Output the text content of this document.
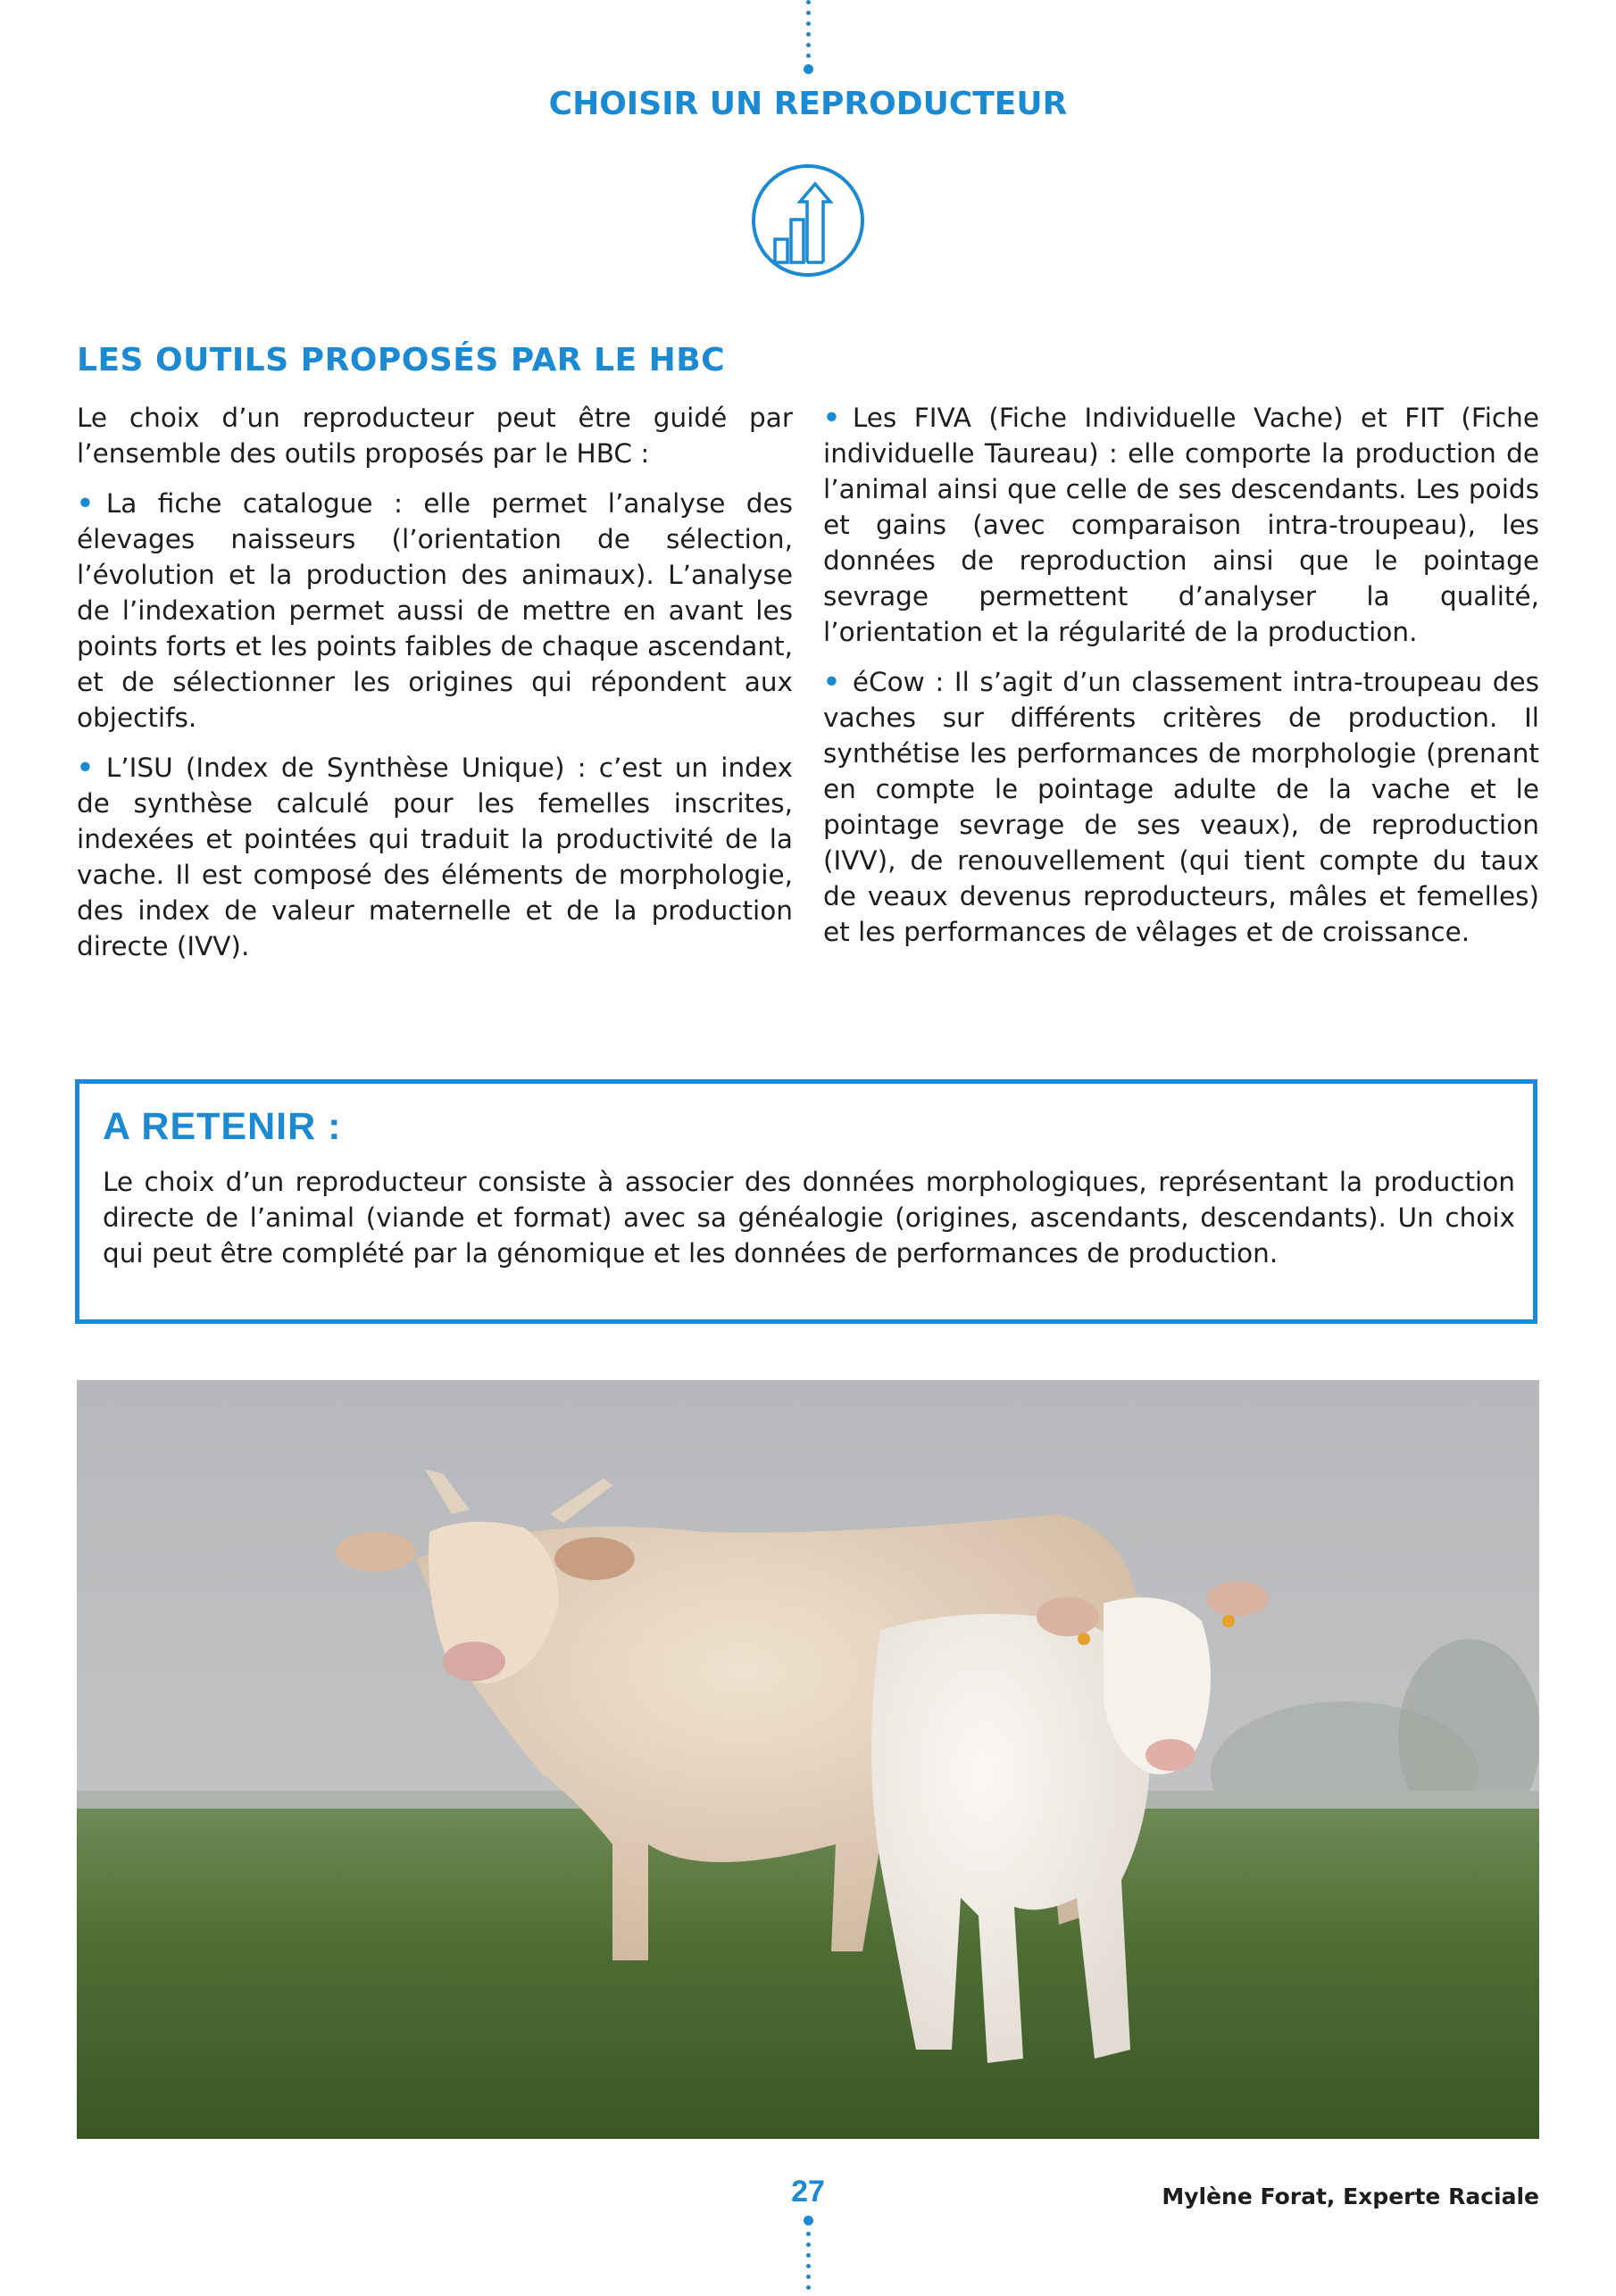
CHOISIR UN REPRODUCTEUR
LES OUTILS PROPOSÉS PAR LE HBC

Le choix d’un reproducteur peut être guidé par l’ensemble des outils proposés par le HBC :

• La fiche catalogue : elle permet l’analyse des élevages naisseurs (l’orientation de sélection, l’évolution et la production des animaux). L’analyse de l’indexation permet aussi de mettre en avant les points forts et les points faibles de chaque ascendant, et de sélectionner les origines qui répondent aux objectifs.

• L’ISU (Index de Synthèse Unique) : c’est un index de synthèse calculé pour les femelles inscrites, indexées et pointées qui traduit la productivité de la vache. Il est composé des éléments de morphologie, des index de valeur maternelle et de la production directe (IVV).

• Les FIVA (Fiche Individuelle Vache) et FIT (Fiche individuelle Taureau) : elle comporte la production de l’animal ainsi que celle de ses descendants. Les poids et gains (avec comparaison intra-troupeau), les données de reproduction ainsi que le pointage sevrage permettent d’analyser la qualité, l’orientation et la régularité de la production.

• éCow : Il s’agit d’un classement intra-troupeau des vaches sur différents critères de production. Il synthétise les performances de morphologie (prenant en compte le pointage adulte de la vache et le pointage sevrage de ses veaux), de reproduction (IVV), de renouvellement (qui tient compte du taux de veaux devenus reproducteurs, mâles et femelles) et les performances de vêlages et de croissance.

A RETENIR :

Le choix d’un reproducteur consiste à associer des données morphologiques, représentant la production directe de l’animal (viande et format) avec sa généalogie (origines, ascendants, descendants). Un choix qui peut être complété par la génomique et les données de performances de production.

27	Mylène Forat, Experte Raciale
